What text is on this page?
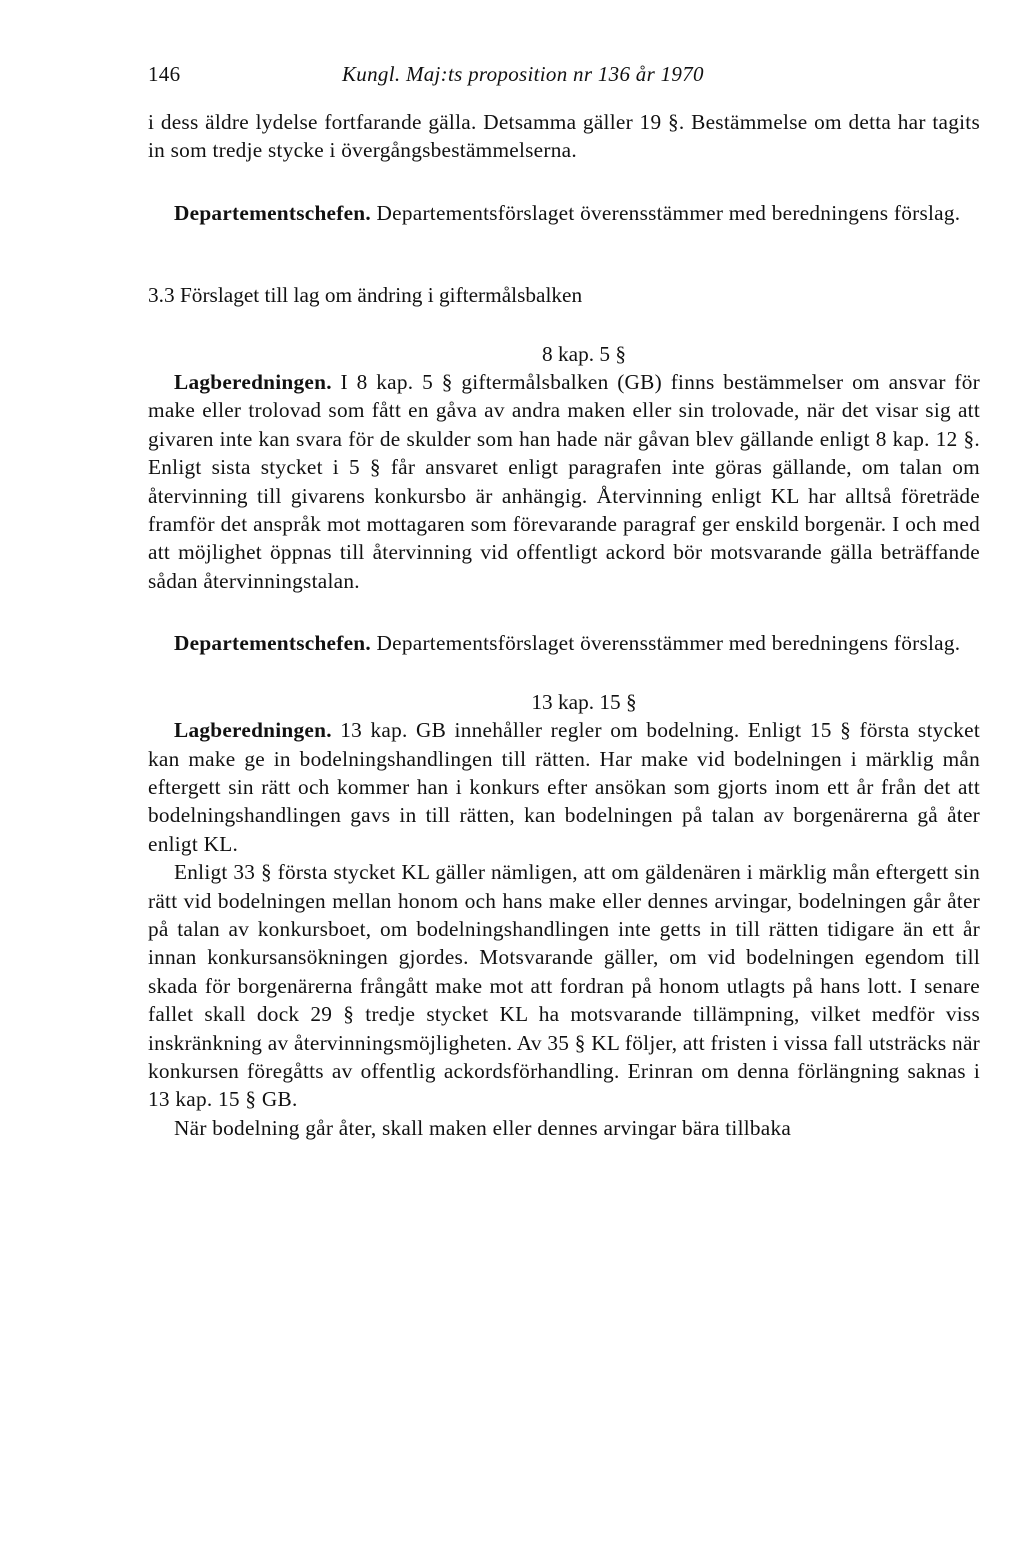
146	Kungl. Maj:ts proposition nr 136 år 1970

i dess äldre lydelse fortfarande gälla. Detsamma gäller 19 §. Bestämmelse om detta har tagits in som tredje stycke i övergångsbestämmelserna.

Departementschefen. Departementsförslaget överensstämmer med beredningens förslag.

3.3 Förslaget till lag om ändring i giftermålsbalken
8 kap. 5 §

Lagberedningen. I 8 kap. 5 § giftermålsbalken (GB) finns bestämmelser om ansvar för make eller trolovad som fått en gåva av andra maken eller sin trolovade, när det visar sig att givaren inte kan svara för de skulder som han hade när gåvan blev gällande enligt 8 kap. 12 §. Enligt sista stycket i 5 § får ansvaret enligt paragrafen inte göras gällande, om talan om återvinning till givarens konkursbo är anhängig. Återvinning enligt KL har alltså företräde framför det anspråk mot mottagaren som förevarande paragraf ger enskild borgenär. I och med att möjlighet öppnas till återvinning vid offentligt ackord bör motsvarande gälla beträffande sådan återvinningstalan.

Departementschefen. Departementsförslaget överensstämmer med beredningens förslag.

13 kap. 15 §

Lagberedningen. 13 kap. GB innehåller regler om bodelning. Enligt 15 § första stycket kan make ge in bodelningshandlingen till rätten. Har make vid bodelningen i märklig mån eftergett sin rätt och kommer han i konkurs efter ansökan som gjorts inom ett år från det att bodelningshandlingen gavs in till rätten, kan bodelningen på talan av borgenärerna gå åter enligt KL.

Enligt 33 § första stycket KL gäller nämligen, att om gäldenären i märklig mån eftergett sin rätt vid bodelningen mellan honom och hans make eller dennes arvingar, bodelningen går åter på talan av konkursboet, om bodelningshandlingen inte getts in till rätten tidigare än ett år innan konkursansökningen gjordes. Motsvarande gäller, om vid bodelningen egendom till skada för borgenärerna frångått make mot att fordran på honom utlagts på hans lott. I senare fallet skall dock 29 § tredje stycket KL ha motsvarande tillämpning, vilket medför viss inskränkning av återvinningsmöjligheten. Av 35 § KL följer, att fristen i vissa fall utsträcks när konkursen föregåtts av offentlig ackordsförhandling. Erinran om denna förlängning saknas i 13 kap. 15 § GB.

När bodelning går åter, skall maken eller dennes arvingar bära tillbaka
